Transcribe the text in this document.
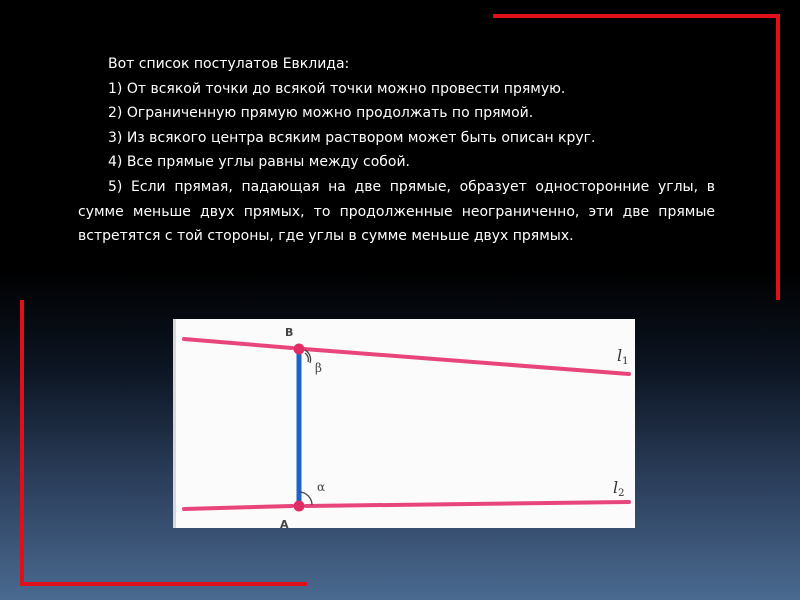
Вот список постулатов Евклида:

1) От всякой точки до всякой точки можно провести прямую.

2) Ограниченную прямую можно продолжать по прямой.

3) Из всякого центра всяким раствором может быть описан круг.

4) Все прямые углы равны между собой.

5) Если прямая, падающая на две прямые, образует односторонние углы, в сумме меньше двух прямых, то продолженные неограниченно, эти две прямые встретятся с той стороны, где углы в сумме меньше двух прямых.

B
A
β
α
l1
l2
